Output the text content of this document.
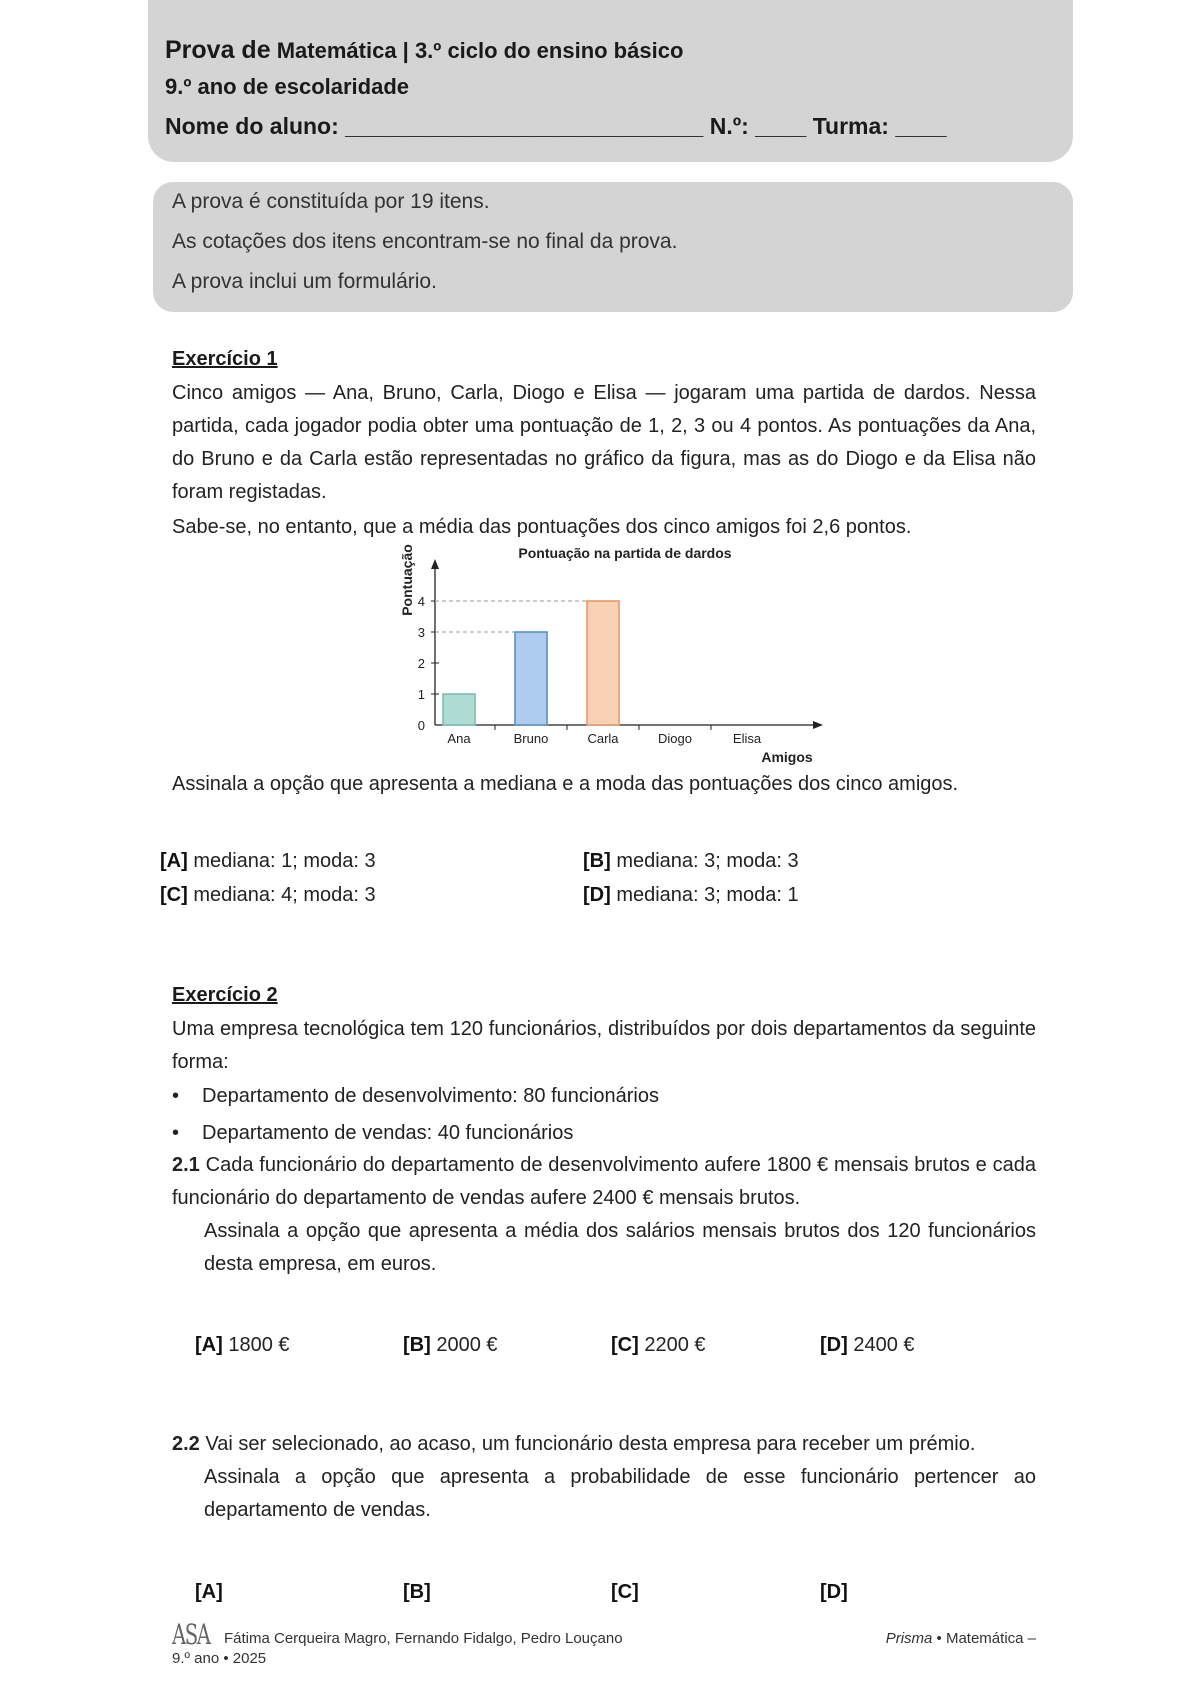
Prova de Matemática | 3.º ciclo do ensino básico
9.º ano de escolaridade
Nome do aluno: ____________________________ N.º: ____ Turma: ____
A prova é constituída por 19 itens.
As cotações dos itens encontram-se no final da prova.
A prova inclui um formulário.
Exercício 1
Cinco amigos — Ana, Bruno, Carla, Diogo e Elisa — jogaram uma partida de dardos. Nessa partida, cada jogador podia obter uma pontuação de 1, 2, 3 ou 4 pontos. As pontuações da Ana, do Bruno e da Carla estão representadas no gráfico da figura, mas as do Diogo e da Elisa não foram registadas.
Sabe-se, no entanto, que a média das pontuações dos cinco amigos foi 2,6 pontos.
Pontuação na partida de dardos
Pontuação
Amigos
0
1
2
3
4
Ana	Bruno	Carla	Diogo	Elisa
Assinala a opção que apresenta a mediana e a moda das pontuações dos cinco amigos.
[A] mediana: 1; moda: 3	[B] mediana: 3; moda: 3
[C] mediana: 4; moda: 3	[D] mediana: 3; moda: 1
Exercício 2
Uma empresa tecnológica tem 120 funcionários, distribuídos por dois departamentos da seguinte forma:
• Departamento de desenvolvimento: 80 funcionários
• Departamento de vendas: 40 funcionários
2.1 Cada funcionário do departamento de desenvolvimento aufere 1800 € mensais brutos e cada funcionário do departamento de vendas aufere 2400 € mensais brutos.
Assinala a opção que apresenta a média dos salários mensais brutos dos 120 funcionários desta empresa, em euros.
[A] 1800 €	[B] 2000 €	[C] 2200 €	[D] 2400 €
2.2 Vai ser selecionado, ao acaso, um funcionário desta empresa para receber um prémio.
Assinala a opção que apresenta a probabilidade de esse funcionário pertencer ao departamento de vendas.
[A]	[B]	[C]	[D]
ASA Fátima Cerqueira Magro, Fernando Fidalgo, Pedro Louçano	Prisma • Matemática –
9.º ano • 2025
